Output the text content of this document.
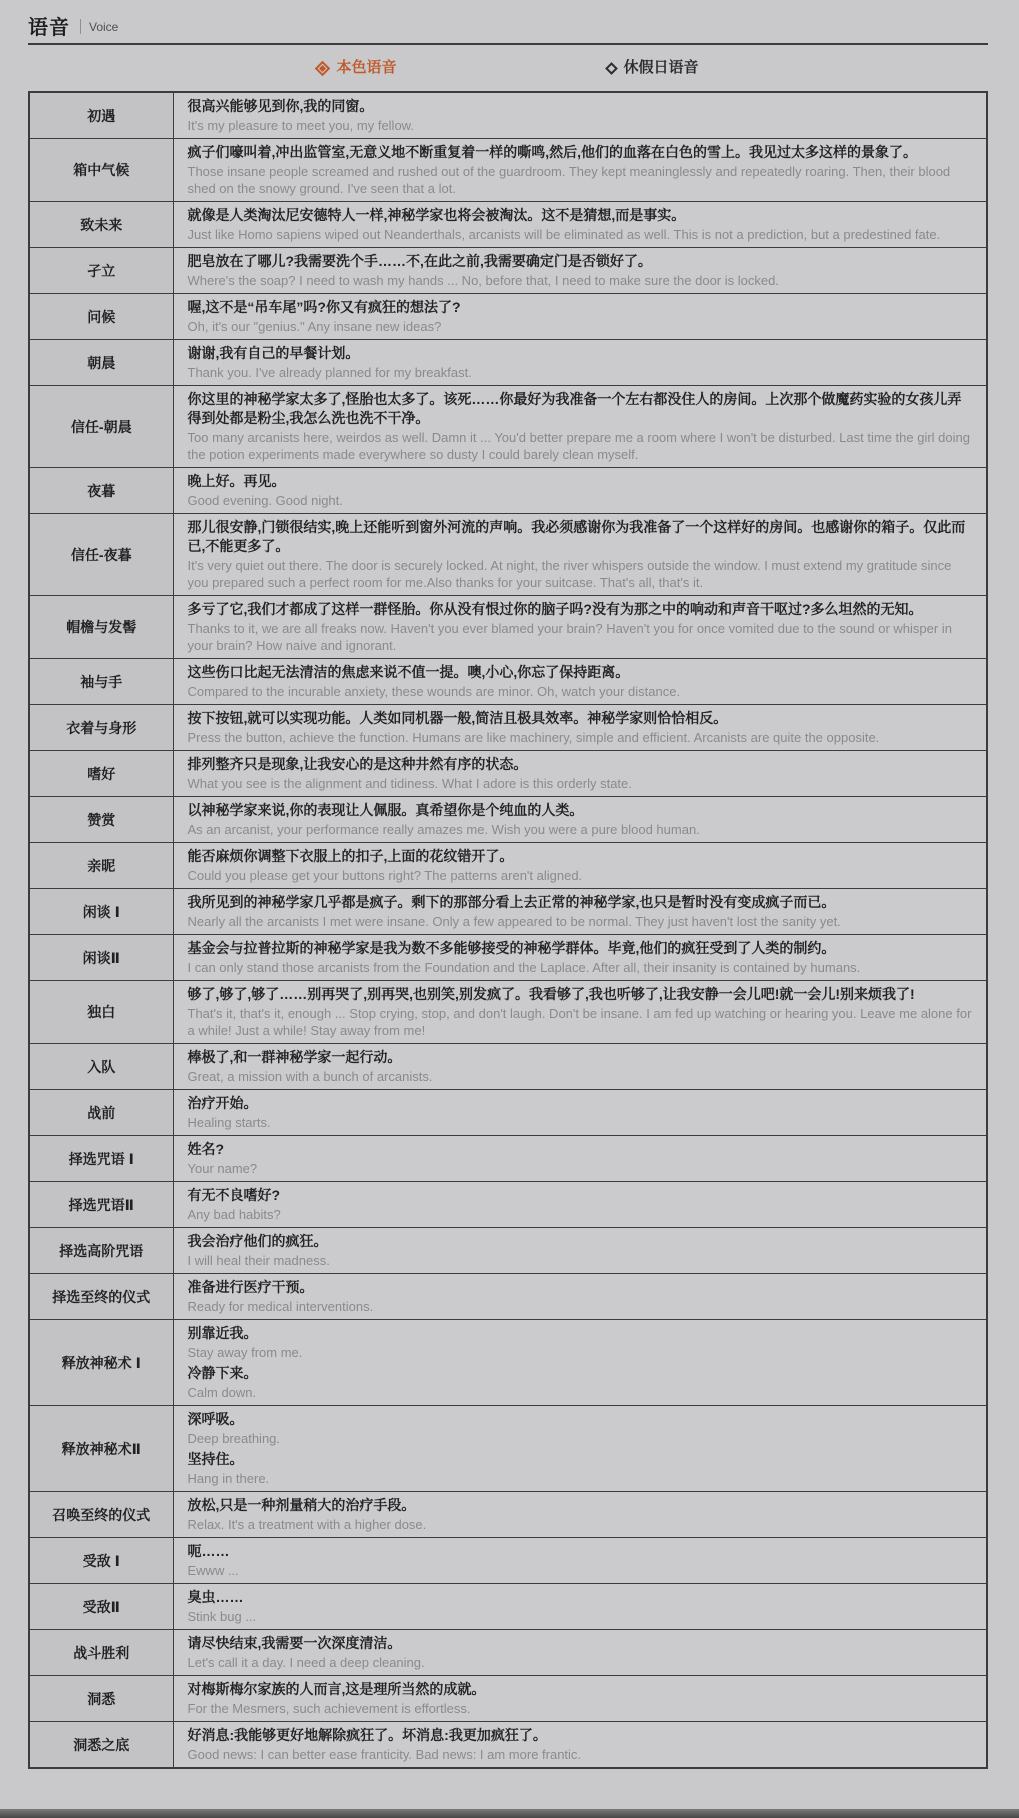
语音 Voice
本色语音	休假日语音
初遇	很高兴能够见到你,我的同窗。
It's my pleasure to meet you, my fellow.

箱中气候	疯子们嚎叫着,冲出监管室,无意义地不断重复着一样的嘶鸣,然后,他们的血落在白色的雪上。我见过太多这样的景象了。
Those insane people screamed and rushed out of the guardroom. They kept meaninglessly and repeatedly roaring. Then, their blood shed on the snowy ground. I've seen that a lot.

致未来	就像是人类淘汰尼安德特人一样,神秘学家也将会被淘汰。这不是猜想,而是事实。
Just like Homo sapiens wiped out Neanderthals, arcanists will be eliminated as well. This is not a prediction, but a predestined fate.

孑立	肥皂放在了哪儿?我需要洗个手……不,在此之前,我需要确定门是否锁好了。
Where's the soap? I need to wash my hands ... No, before that, I need to make sure the door is locked.

问候	喔,这不是“吊车尾”吗?你又有疯狂的想法了?
Oh, it's our "genius." Any insane new ideas?

朝晨	谢谢,我有自己的早餐计划。
Thank you. I've already planned for my breakfast.

信任-朝晨	你这里的神秘学家太多了,怪胎也太多了。该死……你最好为我准备一个左右都没住人的房间。上次那个做魔药实验的女孩儿弄得到处都是粉尘,我怎么洗也洗不干净。
Too many arcanists here, weirdos as well. Damn it ... You'd better prepare me a room where I won't be disturbed. Last time the girl doing the potion experiments made everywhere so dusty I could barely clean myself.

夜暮	晚上好。再见。
Good evening. Good night.

信任-夜暮	那儿很安静,门锁很结实,晚上还能听到窗外河流的声响。我必须感谢你为我准备了一个这样好的房间。也感谢你的箱子。仅此而已,不能更多了。
It's very quiet out there. The door is securely locked. At night, the river whispers outside the window. I must extend my gratitude since you prepared such a perfect room for me.Also thanks for your suitcase. That's all, that's it.

帽檐与发髻	多亏了它,我们才都成了这样一群怪胎。你从没有恨过你的脑子吗?没有为那之中的响动和声音干呕过?多么坦然的无知。
Thanks to it, we are all freaks now. Haven't you ever blamed your brain? Haven't you for once vomited due to the sound or whisper in your brain? How naive and ignorant.

袖与手	这些伤口比起无法清洁的焦虑来说不值一提。噢,小心,你忘了保持距离。
Compared to the incurable anxiety, these wounds are minor. Oh, watch your distance.

衣着与身形	按下按钮,就可以实现功能。人类如同机器一般,简洁且极具效率。神秘学家则恰恰相反。
Press the button, achieve the function. Humans are like machinery, simple and efficient. Arcanists are quite the opposite.

嗜好	排列整齐只是现象,让我安心的是这种井然有序的状态。
What you see is the alignment and tidiness. What I adore is this orderly state.

赞赏	以神秘学家来说,你的表现让人佩服。真希望你是个纯血的人类。
As an arcanist, your performance really amazes me. Wish you were a pure blood human.

亲昵	能否麻烦你调整下衣服上的扣子,上面的花纹错开了。
Could you please get your buttons right? The patterns aren't aligned.

闲谈 Ⅰ	我所见到的神秘学家几乎都是疯子。剩下的那部分看上去正常的神秘学家,也只是暂时没有变成疯子而已。
Nearly all the arcanists I met were insane. Only a few appeared to be normal. They just haven't lost the sanity yet.

闲谈Ⅱ	基金会与拉普拉斯的神秘学家是我为数不多能够接受的神秘学群体。毕竟,他们的疯狂受到了人类的制约。
I can only stand those arcanists from the Foundation and the Laplace. After all, their insanity is contained by humans.

独白	够了,够了,够了……别再哭了,别再哭,也别笑,别发疯了。我看够了,我也听够了,让我安静一会儿吧!就一会儿!别来烦我了!
That's it, that's it, enough ... Stop crying, stop, and don't laugh. Don't be insane. I am fed up watching or hearing you. Leave me alone for a while! Just a while! Stay away from me!

入队	棒极了,和一群神秘学家一起行动。
Great, a mission with a bunch of arcanists.

战前	治疗开始。
Healing starts.

择选咒语 Ⅰ	姓名?
Your name?

择选咒语Ⅱ	有无不良嗜好?
Any bad habits?

择选高阶咒语	我会治疗他们的疯狂。
I will heal their madness.

择选至终的仪式	准备进行医疗干预。
Ready for medical interventions.

释放神秘术 Ⅰ	别靠近我。
Stay away from me.
冷静下来。
Calm down.

释放神秘术Ⅱ	深呼吸。
Deep breathing.
坚持住。
Hang in there.

召唤至终的仪式	放松,只是一种剂量稍大的治疗手段。
Relax. It's a treatment with a higher dose.

受敌 Ⅰ	呃……
Ewww ...

受敌Ⅱ	臭虫……
Stink bug ...

战斗胜利	请尽快结束,我需要一次深度清洁。
Let's call it a day. I need a deep cleaning.

洞悉	对梅斯梅尔家族的人而言,这是理所当然的成就。
For the Mesmers, such achievement is effortless.

洞悉之底	好消息:我能够更好地解除疯狂了。坏消息:我更加疯狂了。
Good news: I can better ease franticity. Bad news: I am more frantic.
